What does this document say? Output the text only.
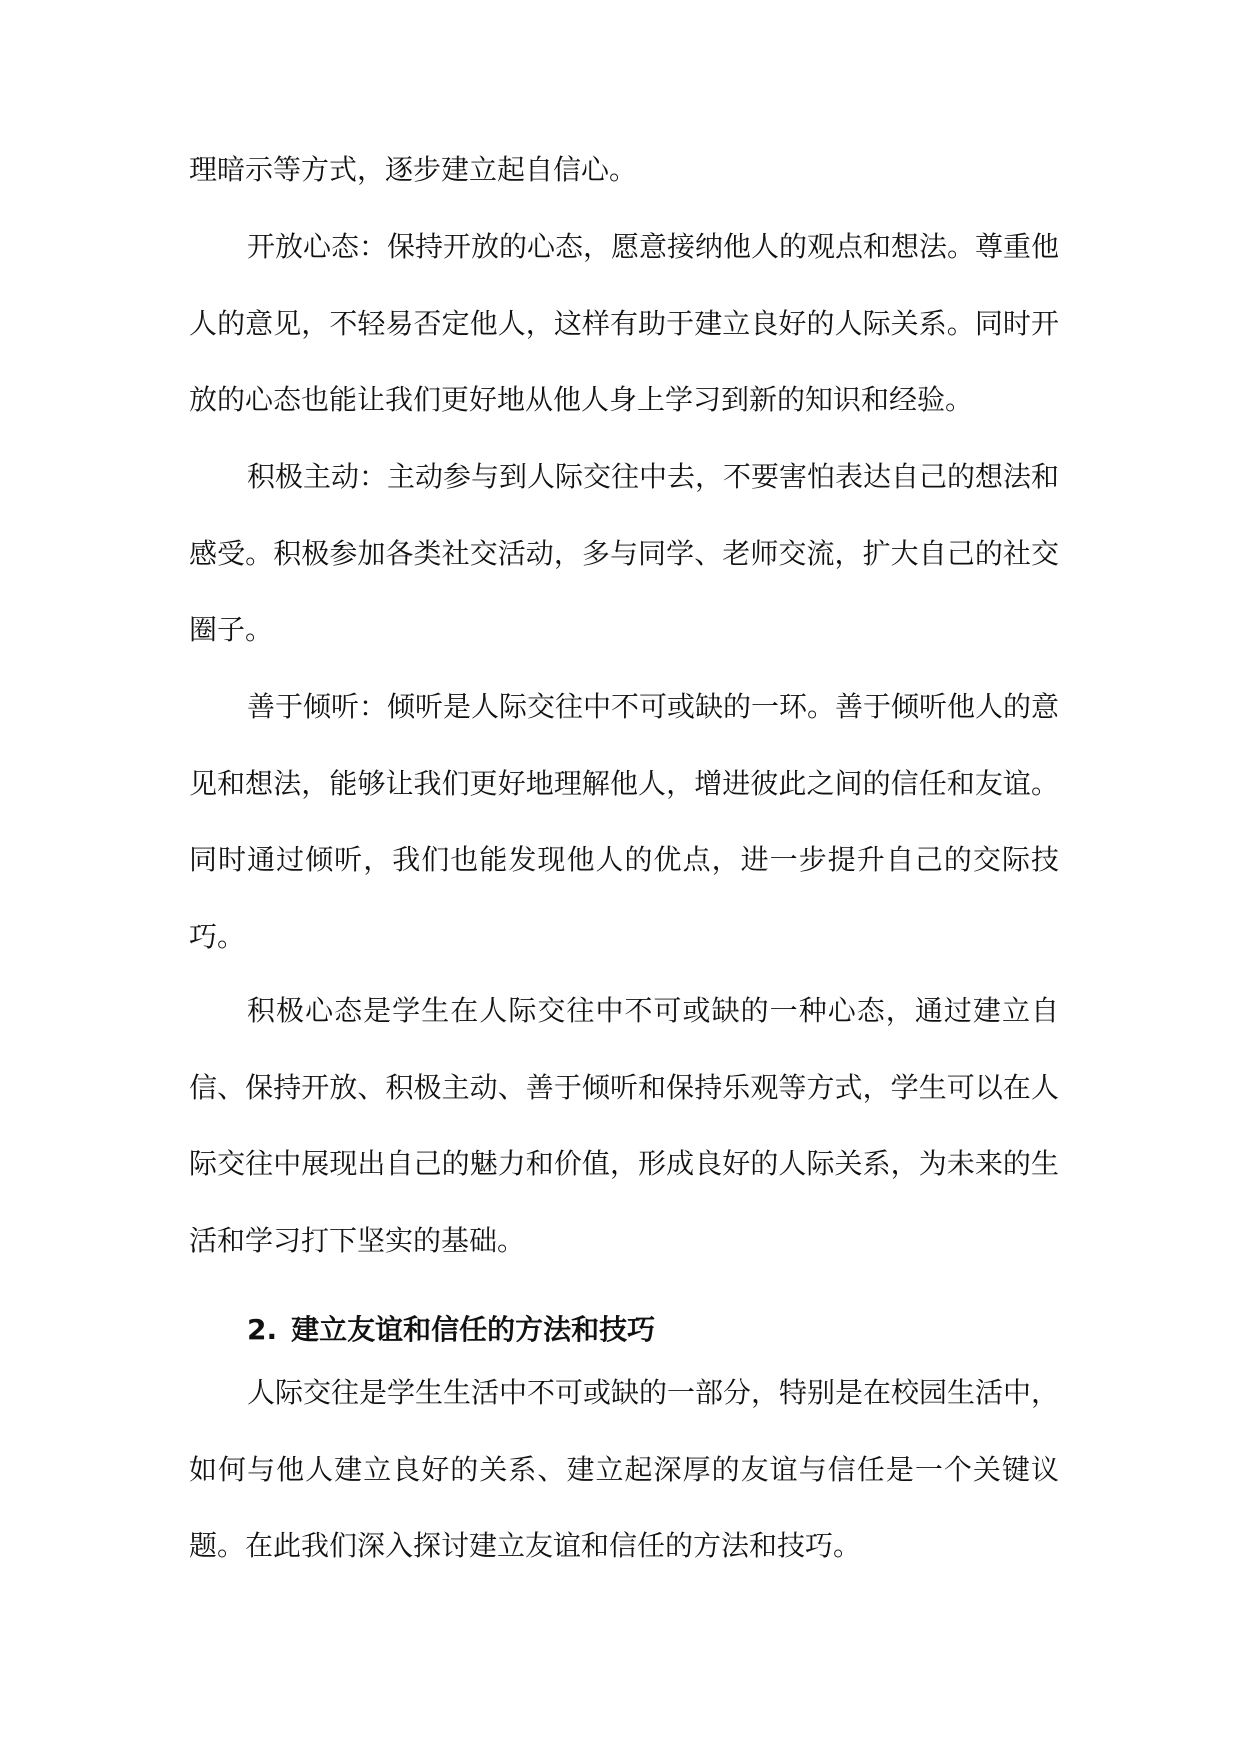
理暗示等方式，逐步建立起自信心。

开放心态：保持开放的心态，愿意接纳他人的观点和想法。尊重他人的意见，不轻易否定他人，这样有助于建立良好的人际关系。同时开放的心态也能让我们更好地从他人身上学习到新的知识和经验。

积极主动：主动参与到人际交往中去，不要害怕表达自己的想法和感受。积极参加各类社交活动，多与同学、老师交流，扩大自己的社交圈子。

善于倾听：倾听是人际交往中不可或缺的一环。善于倾听他人的意见和想法，能够让我们更好地理解他人，增进彼此之间的信任和友谊。同时通过倾听，我们也能发现他人的优点，进一步提升自己的交际技巧。

积极心态是学生在人际交往中不可或缺的一种心态，通过建立自信、保持开放、积极主动、善于倾听和保持乐观等方式，学生可以在人际交往中展现出自己的魅力和价值，形成良好的人际关系，为未来的生活和学习打下坚实的基础。

2. 建立友谊和信任的方法和技巧

人际交往是学生生活中不可或缺的一部分，特别是在校园生活中，如何与他人建立良好的关系、建立起深厚的友谊与信任是一个关键议题。在此我们深入探讨建立友谊和信任的方法和技巧。
